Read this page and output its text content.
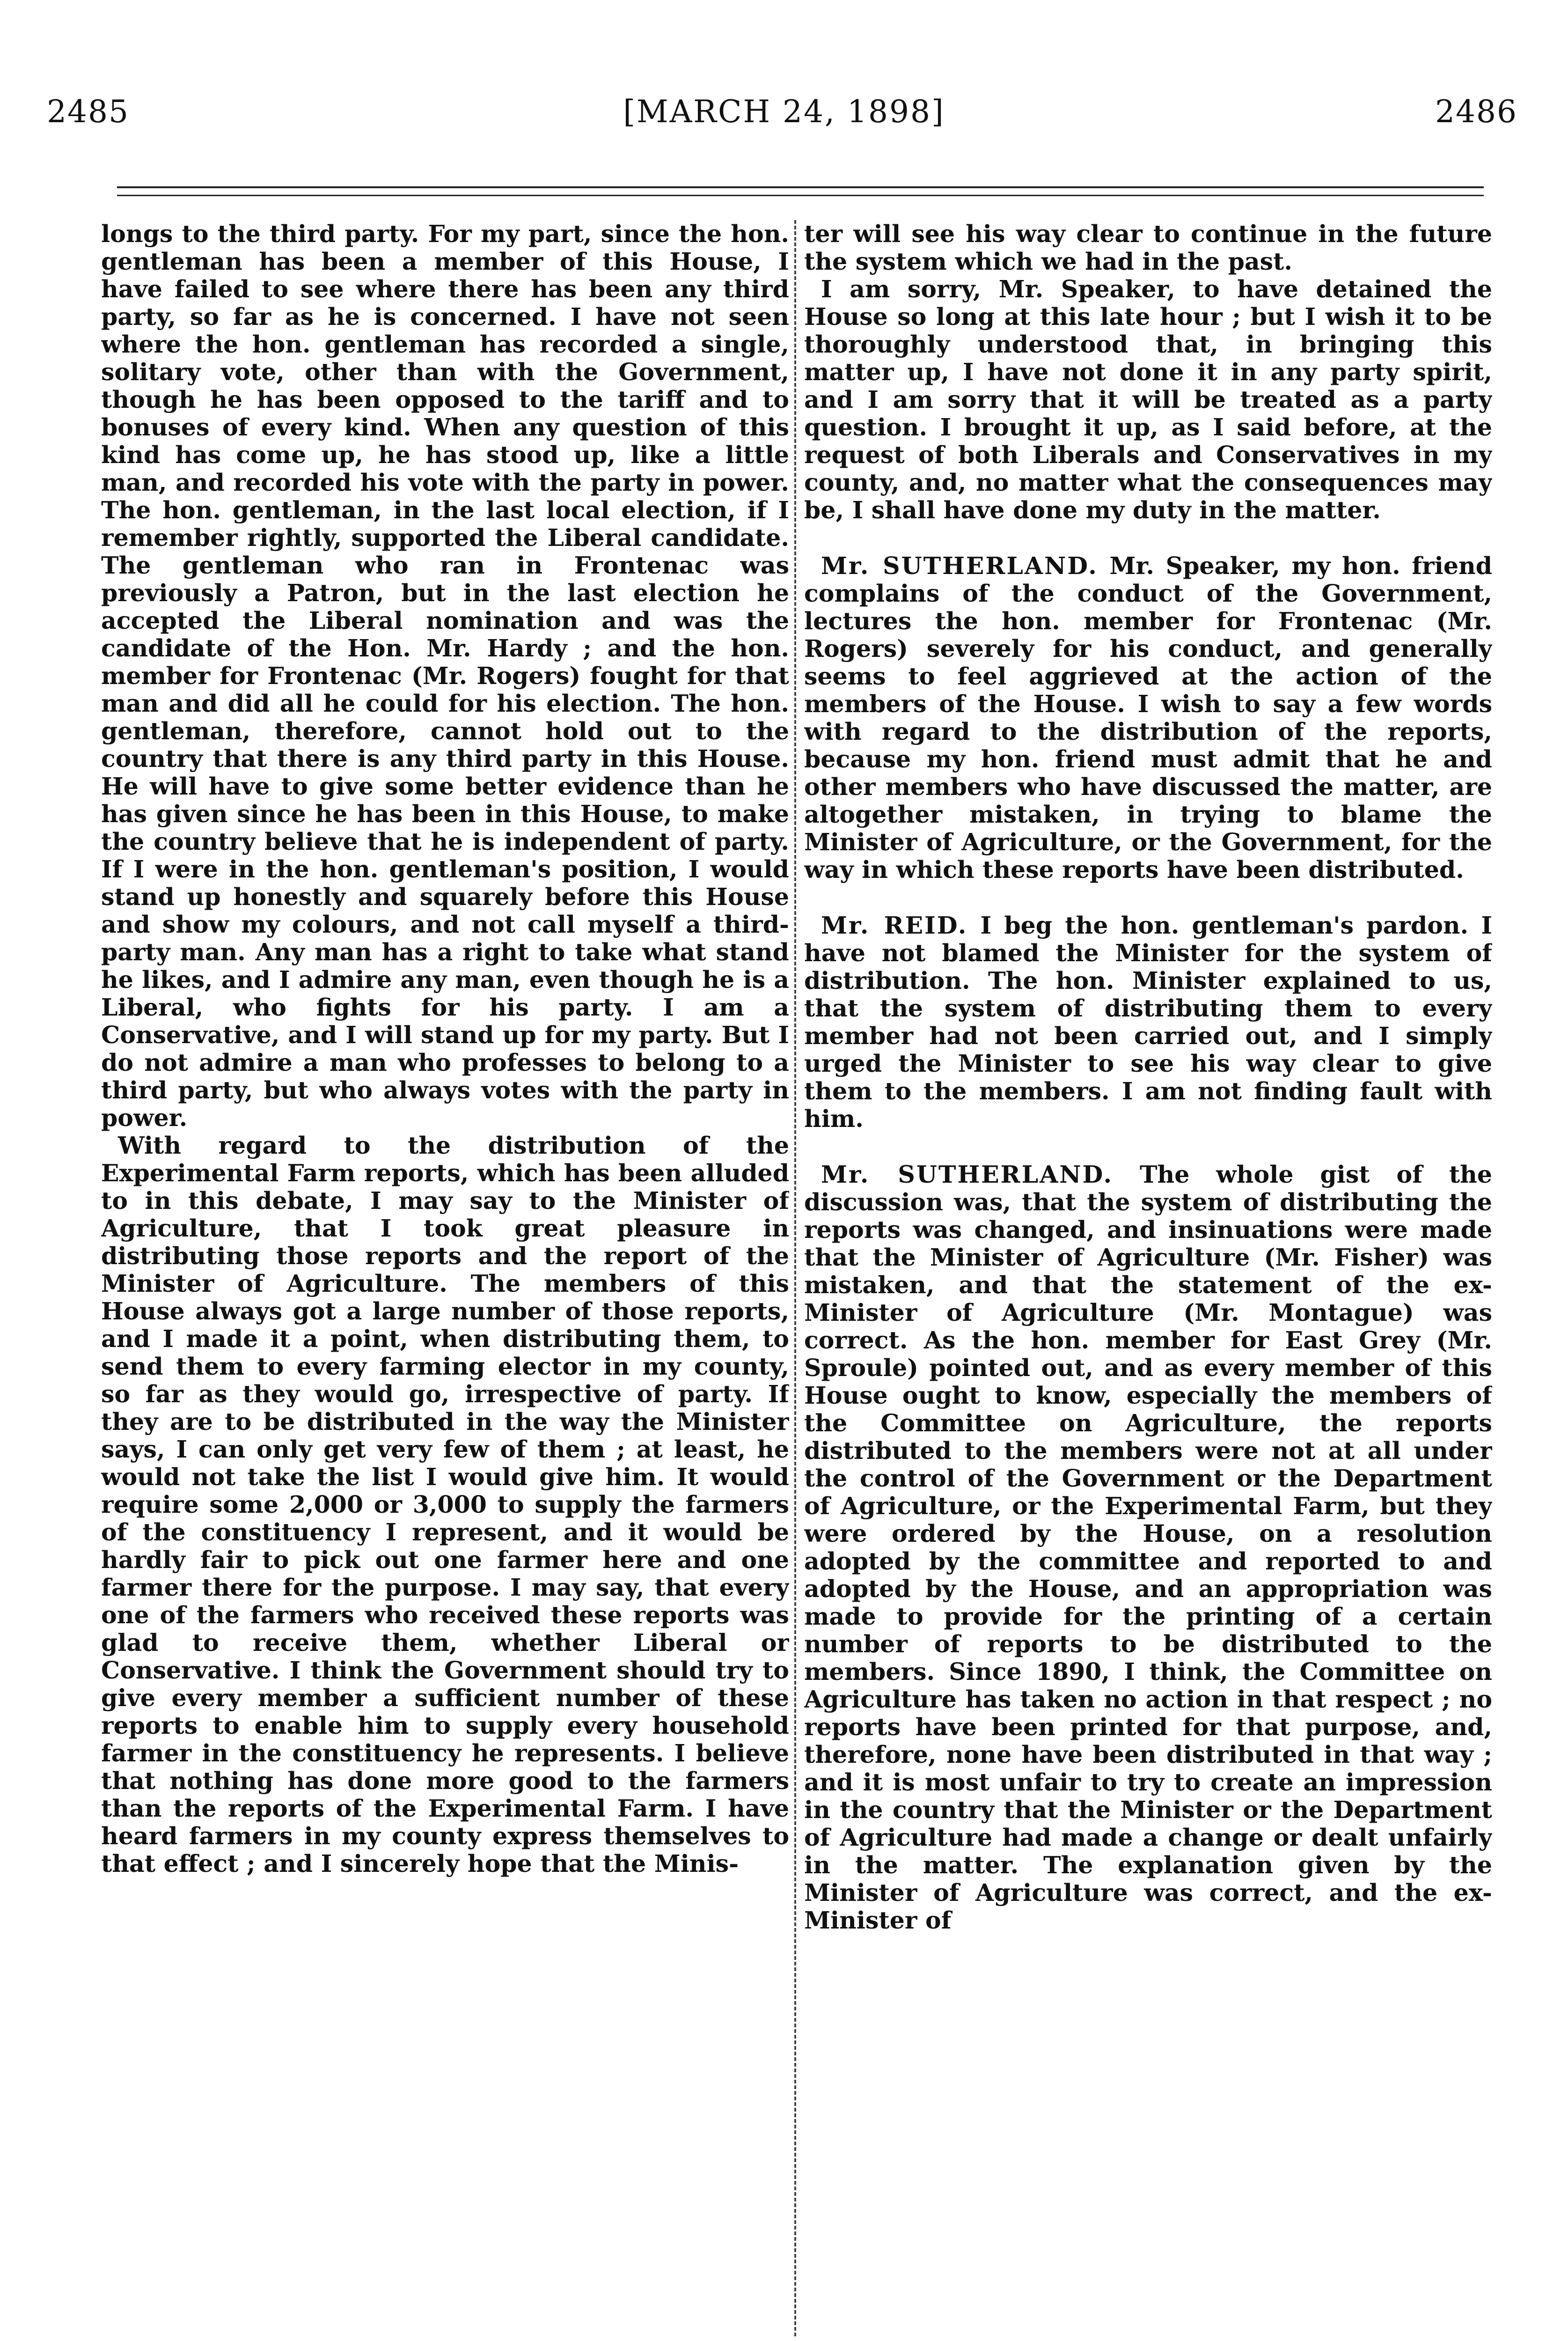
2485	[MARCH 24, 1898]	2486

longs to the third party. For my part, since the hon. gentleman has been a member of this House, I have failed to see where there has been any third party, so far as he is concerned. I have not seen where the hon. gentleman has recorded a single, solitary vote, other than with the Government, though he has been opposed to the tariff and to bonuses of every kind. When any question of this kind has come up, he has stood up, like a little man, and recorded his vote with the party in power. The hon. gentleman, in the last local election, if I remember rightly, supported the Liberal candidate. The gentleman who ran in Frontenac was previously a Patron, but in the last election he accepted the Liberal nomination and was the candidate of the Hon. Mr. Hardy ; and the hon. member for Frontenac (Mr. Rogers) fought for that man and did all he could for his election. The hon. gentleman, therefore, cannot hold out to the country that there is any third party in this House. He will have to give some better evidence than he has given since he has been in this House, to make the country believe that he is independent of party. If I were in the hon. gentleman's position, I would stand up honestly and squarely before this House and show my colours, and not call myself a third-party man. Any man has a right to take what stand he likes, and I admire any man, even though he is a Liberal, who fights for his party. I am a Conservative, and I will stand up for my party. But I do not admire a man who professes to belong to a third party, but who always votes with the party in power.

With regard to the distribution of the Experimental Farm reports, which has been alluded to in this debate, I may say to the Minister of Agriculture, that I took great pleasure in distributing those reports and the report of the Minister of Agriculture. The members of this House always got a large number of those reports, and I made it a point, when distributing them, to send them to every farming elector in my county, so far as they would go, irrespective of party. If they are to be distributed in the way the Minister says, I can only get very few of them ; at least, he would not take the list I would give him. It would require some 2,000 or 3,000 to supply the farmers of the constituency I represent, and it would be hardly fair to pick out one farmer here and one farmer there for the purpose. I may say, that every one of the farmers who received these reports was glad to receive them, whether Liberal or Conservative. I think the Government should try to give every member a sufficient number of these reports to enable him to supply every household farmer in the constituency he represents. I believe that nothing has done more good to the farmers than the reports of the Experimental Farm. I have heard farmers in my county express themselves to that effect ; and I sincerely hope that the Minis-

ter will see his way clear to continue in the future the system which we had in the past.

I am sorry, Mr. Speaker, to have detained the House so long at this late hour ; but I wish it to be thoroughly understood that, in bringing this matter up, I have not done it in any party spirit, and I am sorry that it will be treated as a party question. I brought it up, as I said before, at the request of both Liberals and Conservatives in my county, and, no matter what the consequences may be, I shall have done my duty in the matter.

Mr. SUTHERLAND. Mr. Speaker, my hon. friend complains of the conduct of the Government, lectures the hon. member for Frontenac (Mr. Rogers) severely for his conduct, and generally seems to feel aggrieved at the action of the members of the House. I wish to say a few words with regard to the distribution of the reports, because my hon. friend must admit that he and other members who have discussed the matter, are altogether mistaken, in trying to blame the Minister of Agriculture, or the Government, for the way in which these reports have been distributed.

Mr. REID. I beg the hon. gentleman's pardon. I have not blamed the Minister for the system of distribution. The hon. Minister explained to us, that the system of distributing them to every member had not been carried out, and I simply urged the Minister to see his way clear to give them to the members. I am not finding fault with him.

Mr. SUTHERLAND. The whole gist of the discussion was, that the system of distributing the reports was changed, and insinuations were made that the Minister of Agriculture (Mr. Fisher) was mistaken, and that the statement of the ex-Minister of Agriculture (Mr. Montague) was correct. As the hon. member for East Grey (Mr. Sproule) pointed out, and as every member of this House ought to know, especially the members of the Committee on Agriculture, the reports distributed to the members were not at all under the control of the Government or the Department of Agriculture, or the Experimental Farm, but they were ordered by the House, on a resolution adopted by the committee and reported to and adopted by the House, and an appropriation was made to provide for the printing of a certain number of reports to be distributed to the members. Since 1890, I think, the Committee on Agriculture has taken no action in that respect ; no reports have been printed for that purpose, and, therefore, none have been distributed in that way ; and it is most unfair to try to create an impression in the country that the Minister or the Department of Agriculture had made a change or dealt unfairly in the matter. The explanation given by the Minister of Agriculture was correct, and the ex-Minister of
